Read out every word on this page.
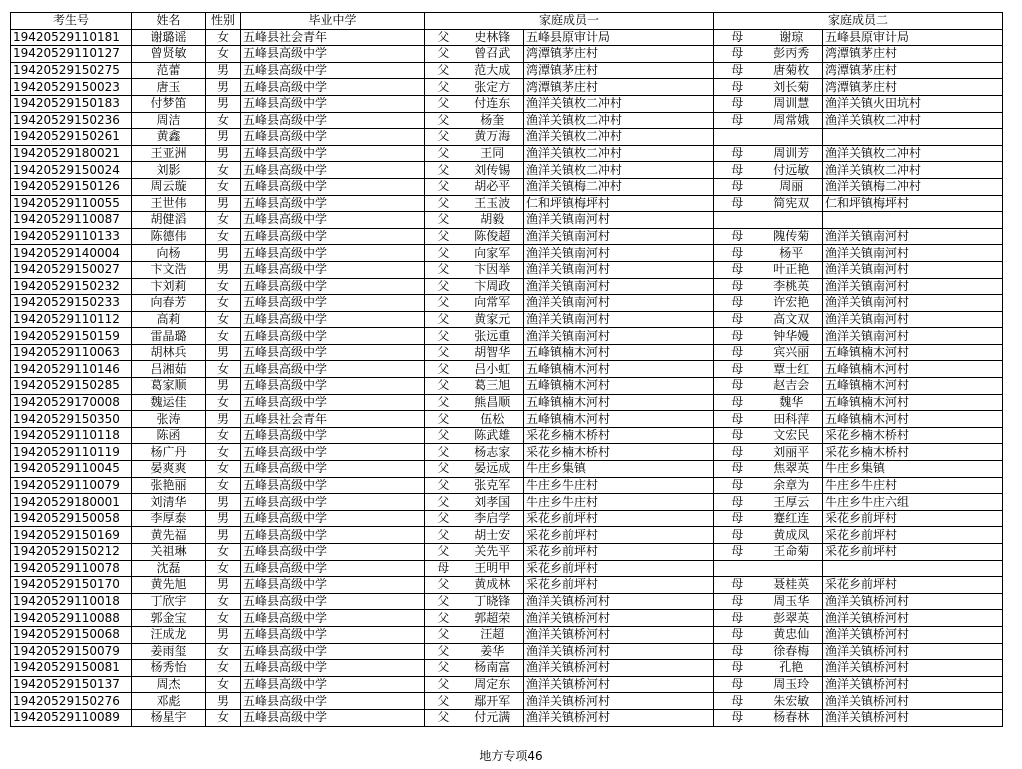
考生号	姓名	性别	毕业中学	家庭成员一			家庭成员二		
19420529110181	谢璐谣	女	五峰县社会青年	父	史林锋	五峰县原审计局	母	谢琼	五峰县原审计局
19420529110127	曾贤敏	女	五峰县高级中学	父	曾召武	湾潭镇茅庄村	母	彭丙秀	湾潭镇茅庄村
19420529150275	范蕾	男	五峰县高级中学	父	范大成	湾潭镇茅庄村	母	唐菊枚	湾潭镇茅庄村
19420529150023	唐玉	男	五峰县高级中学	父	张定方	湾潭镇茅庄村	母	刘长菊	湾潭镇茅庄村
19420529150183	付梦笛	男	五峰县高级中学	父	付连东	渔洋关镇枚二冲村	母	周训慧	渔洋关镇火田坑村
19420529150236	周洁	女	五峰县高级中学	父	杨奎	渔洋关镇枚二冲村	母	周常娥	渔洋关镇枚二冲村
19420529150261	黄鑫	男	五峰县高级中学	父	黄万海	渔洋关镇枚二冲村			
19420529180021	王亚洲	男	五峰县高级中学	父	王同	渔洋关镇枚二冲村	母	周训芳	渔洋关镇枚二冲村
19420529150024	刘影	女	五峰县高级中学	父	刘传锡	渔洋关镇枚二冲村	母	付远敏	渔洋关镇枚二冲村
19420529150126	周云璇	女	五峰县高级中学	父	胡必平	渔洋关镇梅二冲村	母	周丽	渔洋关镇梅二冲村
19420529110055	王世伟	男	五峰县高级中学	父	王玉波	仁和坪镇梅坪村	母	简宪双	仁和坪镇梅坪村
19420529110087	胡健滔	女	五峰县高级中学	父	胡毅	渔洋关镇南河村			
19420529110133	陈德伟	女	五峰县高级中学	父	陈俊超	渔洋关镇南河村	母	隗传菊	渔洋关镇南河村
19420529140004	向杨	男	五峰县高级中学	父	向家军	渔洋关镇南河村	母	杨平	渔洋关镇南河村
19420529150027	卞文浩	男	五峰县高级中学	父	卞因举	渔洋关镇南河村	母	叶正艳	渔洋关镇南河村
19420529150232	卞刘莉	女	五峰县高级中学	父	卞周政	渔洋关镇南河村	母	李桃英	渔洋关镇南河村
19420529150233	向春芳	女	五峰县高级中学	父	向常军	渔洋关镇南河村	母	许宏艳	渔洋关镇南河村
19420529110112	高莉	女	五峰县高级中学	父	黄家元	渔洋关镇南河村	母	高文双	渔洋关镇南河村
19420529150159	雷晶璐	女	五峰县高级中学	父	张远重	渔洋关镇南河村	母	钟华嫚	渔洋关镇南河村
19420529110063	胡林兵	男	五峰县高级中学	父	胡智华	五峰镇楠木河村	母	宾兴丽	五峰镇楠木河村
19420529110146	吕湘茹	女	五峰县高级中学	父	吕小虹	五峰镇楠木河村	母	覃士红	五峰镇楠木河村
19420529150285	葛家顺	男	五峰县高级中学	父	葛三旭	五峰镇楠木河村	母	赵吉会	五峰镇楠木河村
19420529170008	魏运佳	女	五峰县高级中学	父	熊昌顺	五峰镇楠木河村	母	魏华	五峰镇楠木河村
19420529150350	张涛	男	五峰县社会青年	父	伍松	五峰镇楠木河村	母	田科萍	五峰镇楠木河村
19420529110118	陈函	女	五峰县高级中学	父	陈武雄	采花乡楠木桥村	母	文宏民	采花乡楠木桥村
19420529110119	杨广丹	女	五峰县高级中学	父	杨志家	采花乡楠木桥村	母	刘丽平	采花乡楠木桥村
19420529110045	晏爽爽	女	五峰县高级中学	父	晏远成	牛庄乡集镇	母	焦翠英	牛庄乡集镇
19420529110079	张艳丽	女	五峰县高级中学	父	张克军	牛庄乡牛庄村	母	余章为	牛庄乡牛庄村
19420529180001	刘清华	男	五峰县高级中学	父	刘孝国	牛庄乡牛庄村	母	王厚云	牛庄乡牛庄六组
19420529150058	李厚泰	男	五峰县高级中学	父	李启学	采花乡前坪村	母	蹇红连	采花乡前坪村
19420529150169	黄先福	男	五峰县高级中学	父	胡士安	采花乡前坪村	母	黄成凤	采花乡前坪村
19420529150212	关祖琳	女	五峰县高级中学	父	关先平	采花乡前坪村	母	王命菊	采花乡前坪村
19420529110078	沈磊	女	五峰县高级中学	母	王明甲	采花乡前坪村			
19420529150170	黄先旭	男	五峰县高级中学	父	黄成林	采花乡前坪村	母	聂桂英	采花乡前坪村
19420529110018	丁欣宇	女	五峰县高级中学	父	丁晓锋	渔洋关镇桥河村	母	周玉华	渔洋关镇桥河村
19420529110088	郭金宝	女	五峰县高级中学	父	郭超荣	渔洋关镇桥河村	母	彭翠英	渔洋关镇桥河村
19420529150068	汪成龙	男	五峰县高级中学	父	汪超	渔洋关镇桥河村	母	黄忠仙	渔洋关镇桥河村
19420529150079	姜雨玺	女	五峰县高级中学	父	姜华	渔洋关镇桥河村	母	徐春梅	渔洋关镇桥河村
19420529150081	杨秀怡	女	五峰县高级中学	父	杨南富	渔洋关镇桥河村	母	孔艳	渔洋关镇桥河村
19420529150137	周杰	女	五峰县高级中学	父	周定东	渔洋关镇桥河村	母	周玉玲	渔洋关镇桥河村
19420529150276	邓彪	男	五峰县高级中学	父	鄢开军	渔洋关镇桥河村	母	朱宏敏	渔洋关镇桥河村
19420529110089	杨星宇	女	五峰县高级中学	父	付元满	渔洋关镇桥河村	母	杨春林	渔洋关镇桥河村
地方专项46
